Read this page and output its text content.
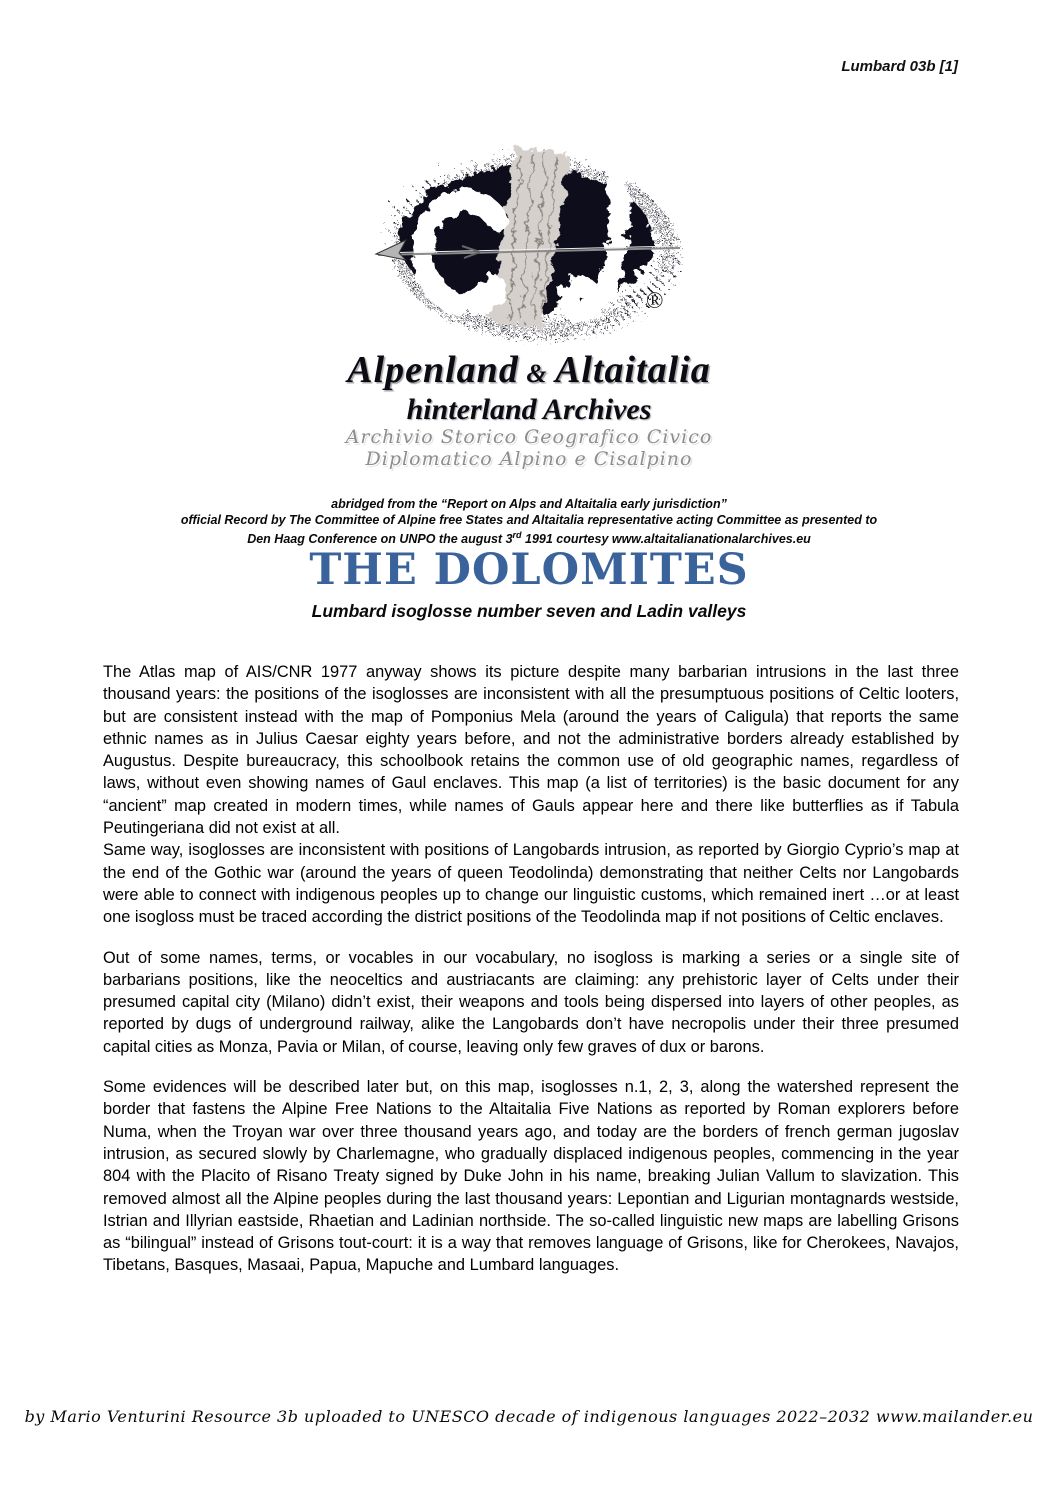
Lumbard 03b [1]
®
Alpenland & Altaitalia
hinterland Archives
Archivio Storico Geografico Civico
Diplomatico Alpino e Cisalpino
abridged from the “Report on Alps and Altaitalia early jurisdiction”
official Record by The Committee of Alpine free States and Altaitalia representative acting Committee as presented to
Den Haag Conference on UNPO the august 3rd 1991 courtesy www.altaitalianationalarchives.eu
THE DOLOMITES
Lumbard isoglosse number seven and Ladin valleys

The Atlas map of AIS/CNR 1977 anyway shows its picture despite many barbarian intrusions in the last three thousand years: the positions of the isoglosses are inconsistent with all the presumptuous positions of Celtic looters, but are consistent instead with the map of Pomponius Mela (around the years of Caligula) that reports the same ethnic names as in Julius Caesar eighty years before, and not the administrative borders already established by Augustus. Despite bureaucracy, this schoolbook retains the common use of old geographic names, regardless of laws, without even showing names of Gaul enclaves. This map (a list of territories) is the basic document for any “ancient” map created in modern times, while names of Gauls appear here and there like butterflies as if Tabula Peutingeriana did not exist at all.

Same way, isoglosses are inconsistent with positions of Langobards intrusion, as reported by Giorgio Cyprio’s map at the end of the Gothic war (around the years of queen Teodolinda) demonstrating that neither Celts nor Langobards were able to connect with indigenous peoples up to change our linguistic customs, which remained inert …or at least one isogloss must be traced according the district positions of the Teodolinda map if not positions of Celtic enclaves.

Out of some names, terms, or vocables in our vocabulary, no isogloss is marking a series or a single site of barbarians positions, like the neoceltics and austriacants are claiming: any prehistoric layer of Celts under their presumed capital city (Milano) didn’t exist, their weapons and tools being dispersed into layers of other peoples, as reported by dugs of underground railway, alike the Langobards don’t have necropolis under their three presumed capital cities as Monza, Pavia or Milan, of course, leaving only few graves of dux or barons.

Some evidences will be described later but, on this map, isoglosses n.1, 2, 3, along the watershed represent the border that fastens the Alpine Free Nations to the Altaitalia Five Nations as reported by Roman explorers before Numa, when the Troyan war over three thousand years ago, and today are the borders of french german jugoslav intrusion, as secured slowly by Charlemagne, who gradually displaced indigenous peoples, commencing in the year 804 with the Placito of Risano Treaty signed by Duke John in his name, breaking Julian Vallum to slavization. This removed almost all the Alpine peoples during the last thousand years: Lepontian and Ligurian montagnards westside, Istrian and Illyrian eastside, Rhaetian and Ladinian northside. The so-called linguistic new maps are labelling Grisons as “bilingual” instead of Grisons tout-court: it is a way that removes language of Grisons, like for Cherokees, Navajos, Tibetans, Basques, Masaai, Papua, Mapuche and Lumbard languages.

by Mario Venturini Resource 3b uploaded to UNESCO decade of indigenous languages 2022–2032 www.mailander.eu
